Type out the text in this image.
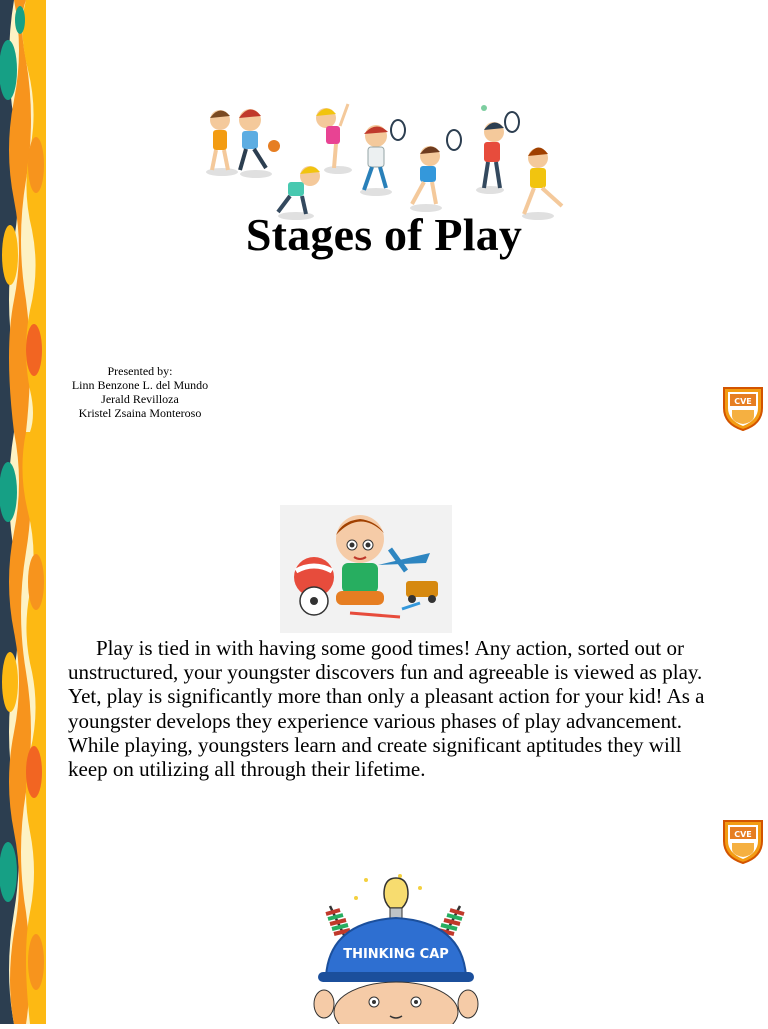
Stages of Play
Presented by:
Linn Benzone L. del Mundo
Jerald Revilloza
Kristel Zsaina Monteroso
CVE
CVE
Play is tied in with having some good times! Any action, sorted out or unstructured, your youngster discovers fun and agreeable is viewed as play. Yet, play is significantly more than only a pleasant action for your kid! As a youngster develops they experience various phases of play advancement. While playing, youngsters learn and create significant aptitudes they will keep on utilizing all through their lifetime.
THINKING CAP
